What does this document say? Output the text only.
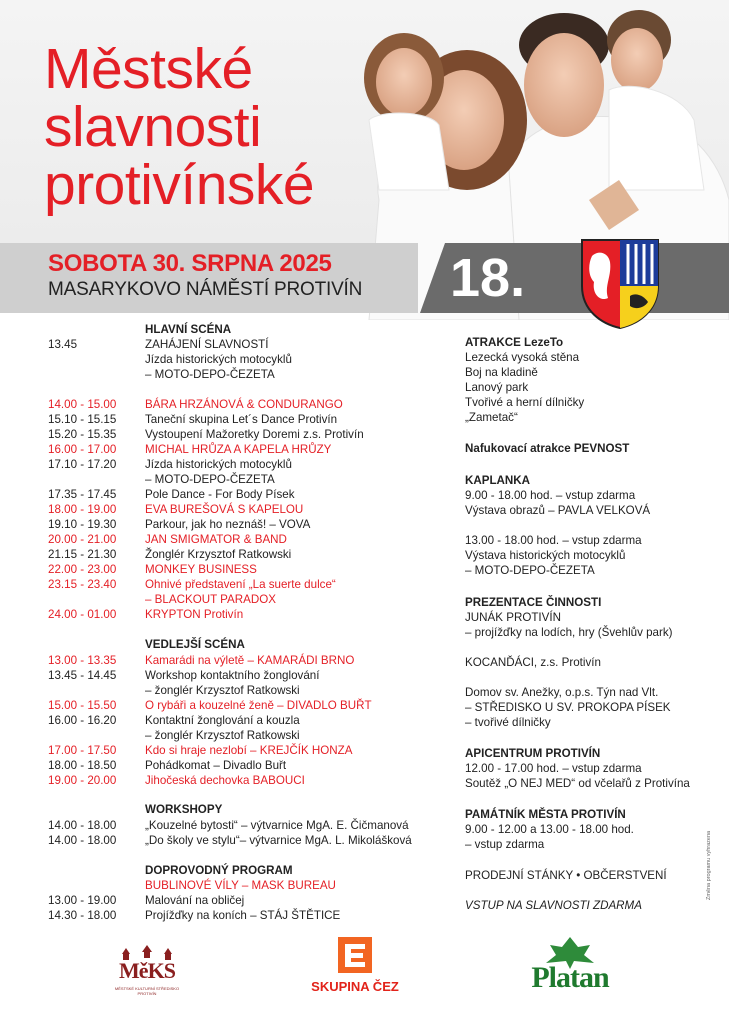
Městské
slavnosti
protivínské
SOBOTA 30. SRPNA 2025
MASARYKOVO NÁMĚSTÍ PROTIVÍN 18.
HLAVNÍ SCÉNA
13.45	ZAHÁJENÍ SLAVNOSTÍ
Jízda historických motocyklů
– MOTO-DEPO-ČEZETA
14.00 - 15.00	BÁRA HRZÁNOVÁ & CONDURANGO
15.10 - 15.15	Taneční skupina Let´s Dance Protivín
15.20 - 15.35	Vystoupení Mažoretky Doremi z.s. Protivín
16.00 - 17.00	MICHAL HRŮZA A KAPELA HRŮZY
17.10 - 17.20	Jízda historických motocyklů
– MOTO-DEPO-ČEZETA
17.35 - 17.45	Pole Dance - For Body Písek
18.00 - 19.00	EVA BUREŠOVÁ S KAPELOU
19.10 - 19.30	Parkour, jak ho neznáš! – VOVA
20.00 - 21.00	JAN SMIGMATOR & BAND
21.15 - 21.30	Žonglér Krzysztof Ratkowski
22.00 - 23.00	MONKEY BUSINESS
23.15 - 23.40	Ohnivé představení „La suerte dulce“
– BLACKOUT PARADOX
24.00 - 01.00	KRYPTON Protivín
VEDLEJŠÍ SCÉNA
13.00 - 13.35	Kamarádi na výletě – KAMARÁDI BRNO
13.45 - 14.45	Workshop kontaktního žonglování
– žonglér Krzysztof Ratkowski
15.00 - 15.50	O rybáři a kouzelné ženě – DIVADLO BUŘT
16.00 - 16.20	Kontaktní žonglování a kouzla
– žonglér Krzysztof Ratkowski
17.00 - 17.50	Kdo si hraje nezlobí – KREJČÍK HONZA
18.00 - 18.50	Pohádkomat – Divadlo Buřt
19.00 - 20.00	Jihočeská dechovka BABOUCI
WORKSHOPY
14.00 - 18.00	„Kouzelné bytosti“ – výtvarnice MgA. E. Čičmanová
14.00 - 18.00	„Do školy ve stylu“– výtvarnice MgA. L. Mikolášková
DOPROVODNÝ PROGRAM
BUBLINOVÉ VÍLY – MASK BUREAU
13.00 - 19.00	Malování na obličej
14.30 - 18.00	Projížďky na koních – STÁJ ŠTĚTICE
ATRAKCE LezeTo
Lezecká vysoká stěna
Boj na kladině
Lanový park
Tvořivé a herní dílničky
„Zametač“
Nafukovací atrakce PEVNOST
KAPLANKA
9.00 - 18.00 hod. – vstup zdarma
Výstava obrazů – PAVLA VELKOVÁ
13.00 - 18.00 hod. – vstup zdarma
Výstava historických motocyklů
– MOTO-DEPO-ČEZETA
PREZENTACE ČINNOSTI
JUNÁK PROTIVÍN
– projížďky na lodích, hry (Švehlův park)
KOCANĎÁCI, z.s. Protivín
Domov sv. Anežky, o.p.s. Týn nad Vlt.
– STŘEDISKO U SV. PROKOPA PÍSEK
– tvořivé dílničky
APICENTRUM PROTIVÍN
12.00 - 17.00 hod. – vstup zdarma
Soutěž „O NEJ MED“ od včelařů z Protivína
PAMÁTNÍK MĚSTA PROTIVÍN
9.00 - 12.00 a 13.00 - 18.00 hod.
– vstup zdarma
PRODEJNÍ STÁNKY • OBČERSTVENÍ
VSTUP NA SLAVNOSTI ZDARMA
Změna programu vyhrazena
MěKS
MĚSTSKÉ KULTURNÍ STŘEDISKO PROTIVÍN	SKUPINA ČEZ	Platan
